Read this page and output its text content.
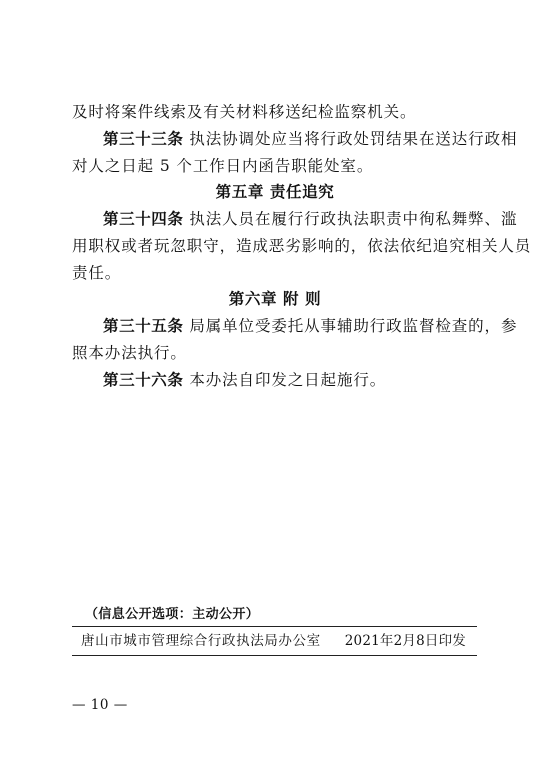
及时将案件线索及有关材料移送纪检监察机关。
第三十三条 执法协调处应当将行政处罚结果在送达行政相
对人之日起 5 个工作日内函告职能处室。
第五章 责任追究
第三十四条 执法人员在履行行政执法职责中徇私舞弊、滥
用职权或者玩忽职守，造成恶劣影响的，依法依纪追究相关人员
责任。
第六章 附 则
第三十五条 局属单位受委托从事辅助行政监督检查的，参
照本办法执行。
第三十六条 本办法自印发之日起施行。
（信息公开选项：主动公开）
唐山市城市管理综合行政执法局办公室 2021年2月8日印发
— 10 —
